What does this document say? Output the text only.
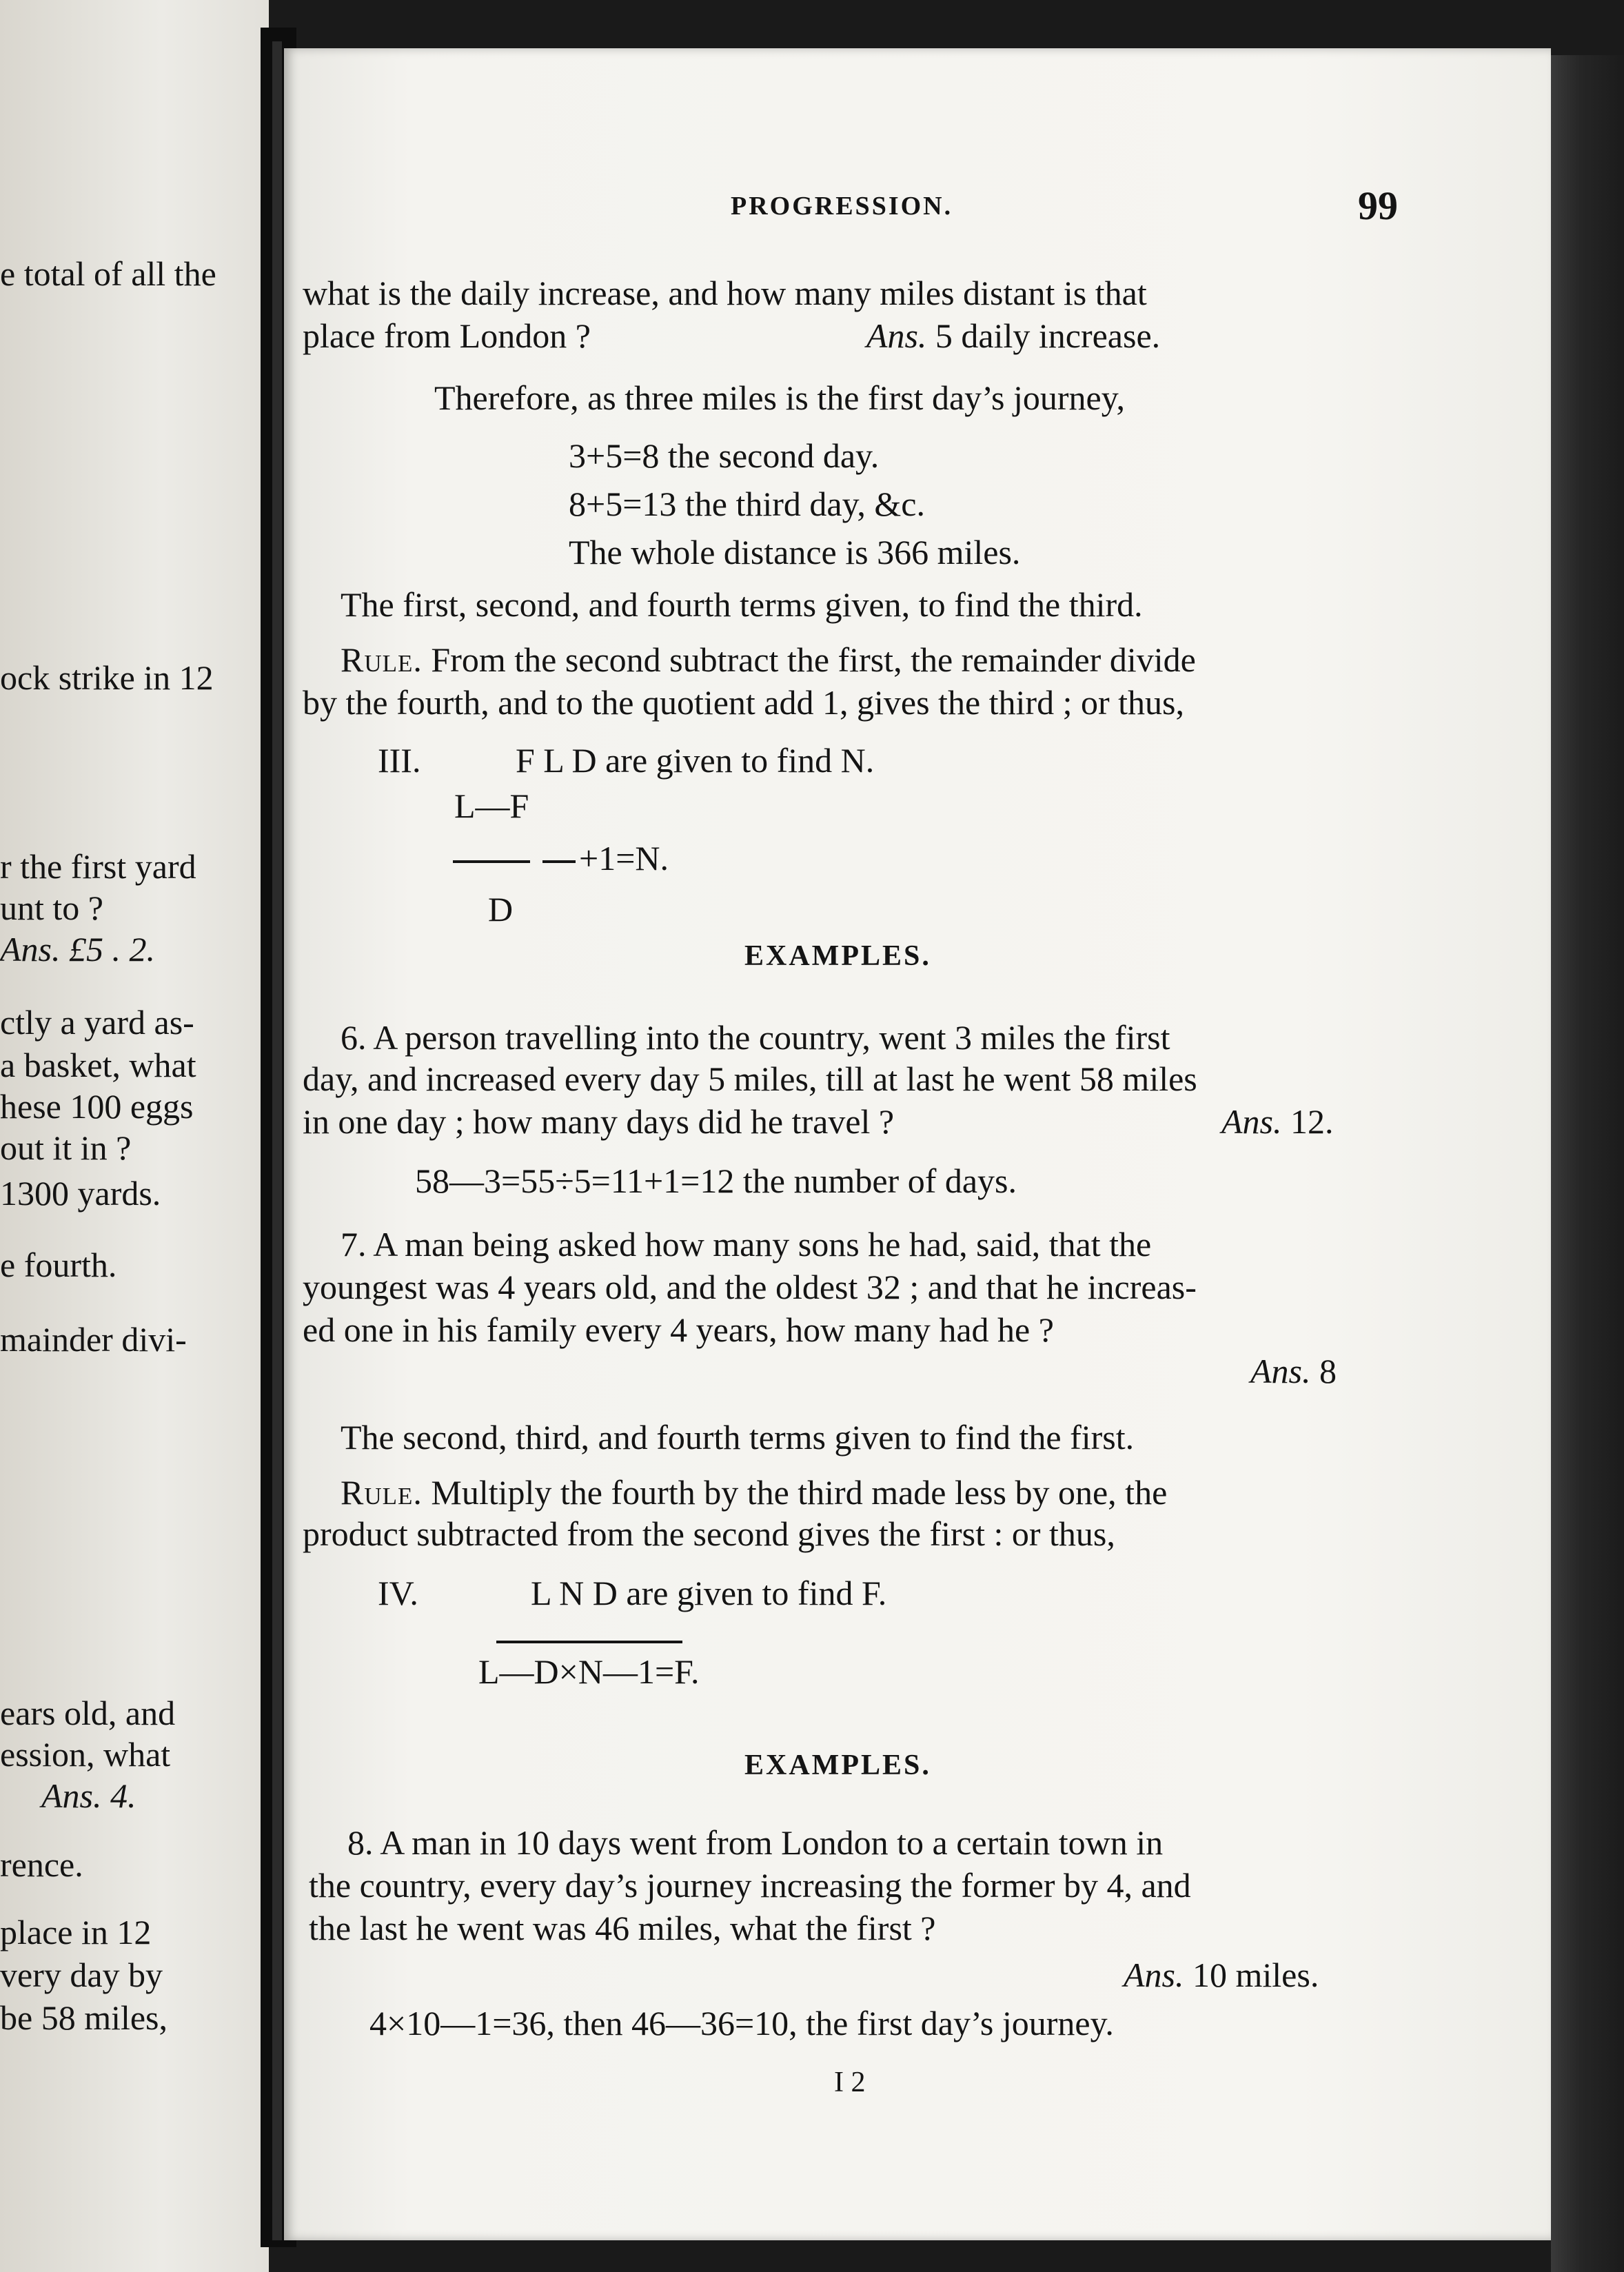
e total of all the
ock strike in 12
r the first yard
unt to ?
Ans. £5 . 2.
ctly a yard as-
a basket, what
hese 100 eggs
out it in ?
1300 yards.
e fourth.
mainder divi-
ears old, and
ession, what
Ans. 4.
rence.
place in 12
very day by
be 58 miles,
PROGRESSION.	99
what is the daily increase, and how many miles distant is that
place from London ?	Ans. 5 daily increase.
Therefore, as three miles is the first day’s journey,
3+5=8 the second day.
8+5=13 the third day, &c.
The whole distance is 366 miles.
The first, second, and fourth terms given, to find the third.
Rule. From the second subtract the first, the remainder divide
by the fourth, and to the quotient add 1, gives the third ; or thus,
III.	F L D are given to find N.
L—F
+1=N.
D
EXAMPLES.
6. A person travelling into the country, went 3 miles the first
day, and increased every day 5 miles, till at last he went 58 miles
in one day ; how many days did he travel ?	Ans. 12.
58—3=55÷5=11+1=12 the number of days.
7. A man being asked how many sons he had, said, that the
youngest was 4 years old, and the oldest 32 ; and that he increas-
ed one in his family every 4 years, how many had he ?
Ans. 8
The second, third, and fourth terms given to find the first.
Rule. Multiply the fourth by the third made less by one, the
product subtracted from the second gives the first : or thus,
IV.	L N D are given to find F.
L—D×N—1=F.
EXAMPLES.
8. A man in 10 days went from London to a certain town in
the country, every day’s journey increasing the former by 4, and
the last he went was 46 miles, what the first ?
Ans. 10 miles.
4×10—1=36, then 46—36=10, the first day’s journey.
I 2
